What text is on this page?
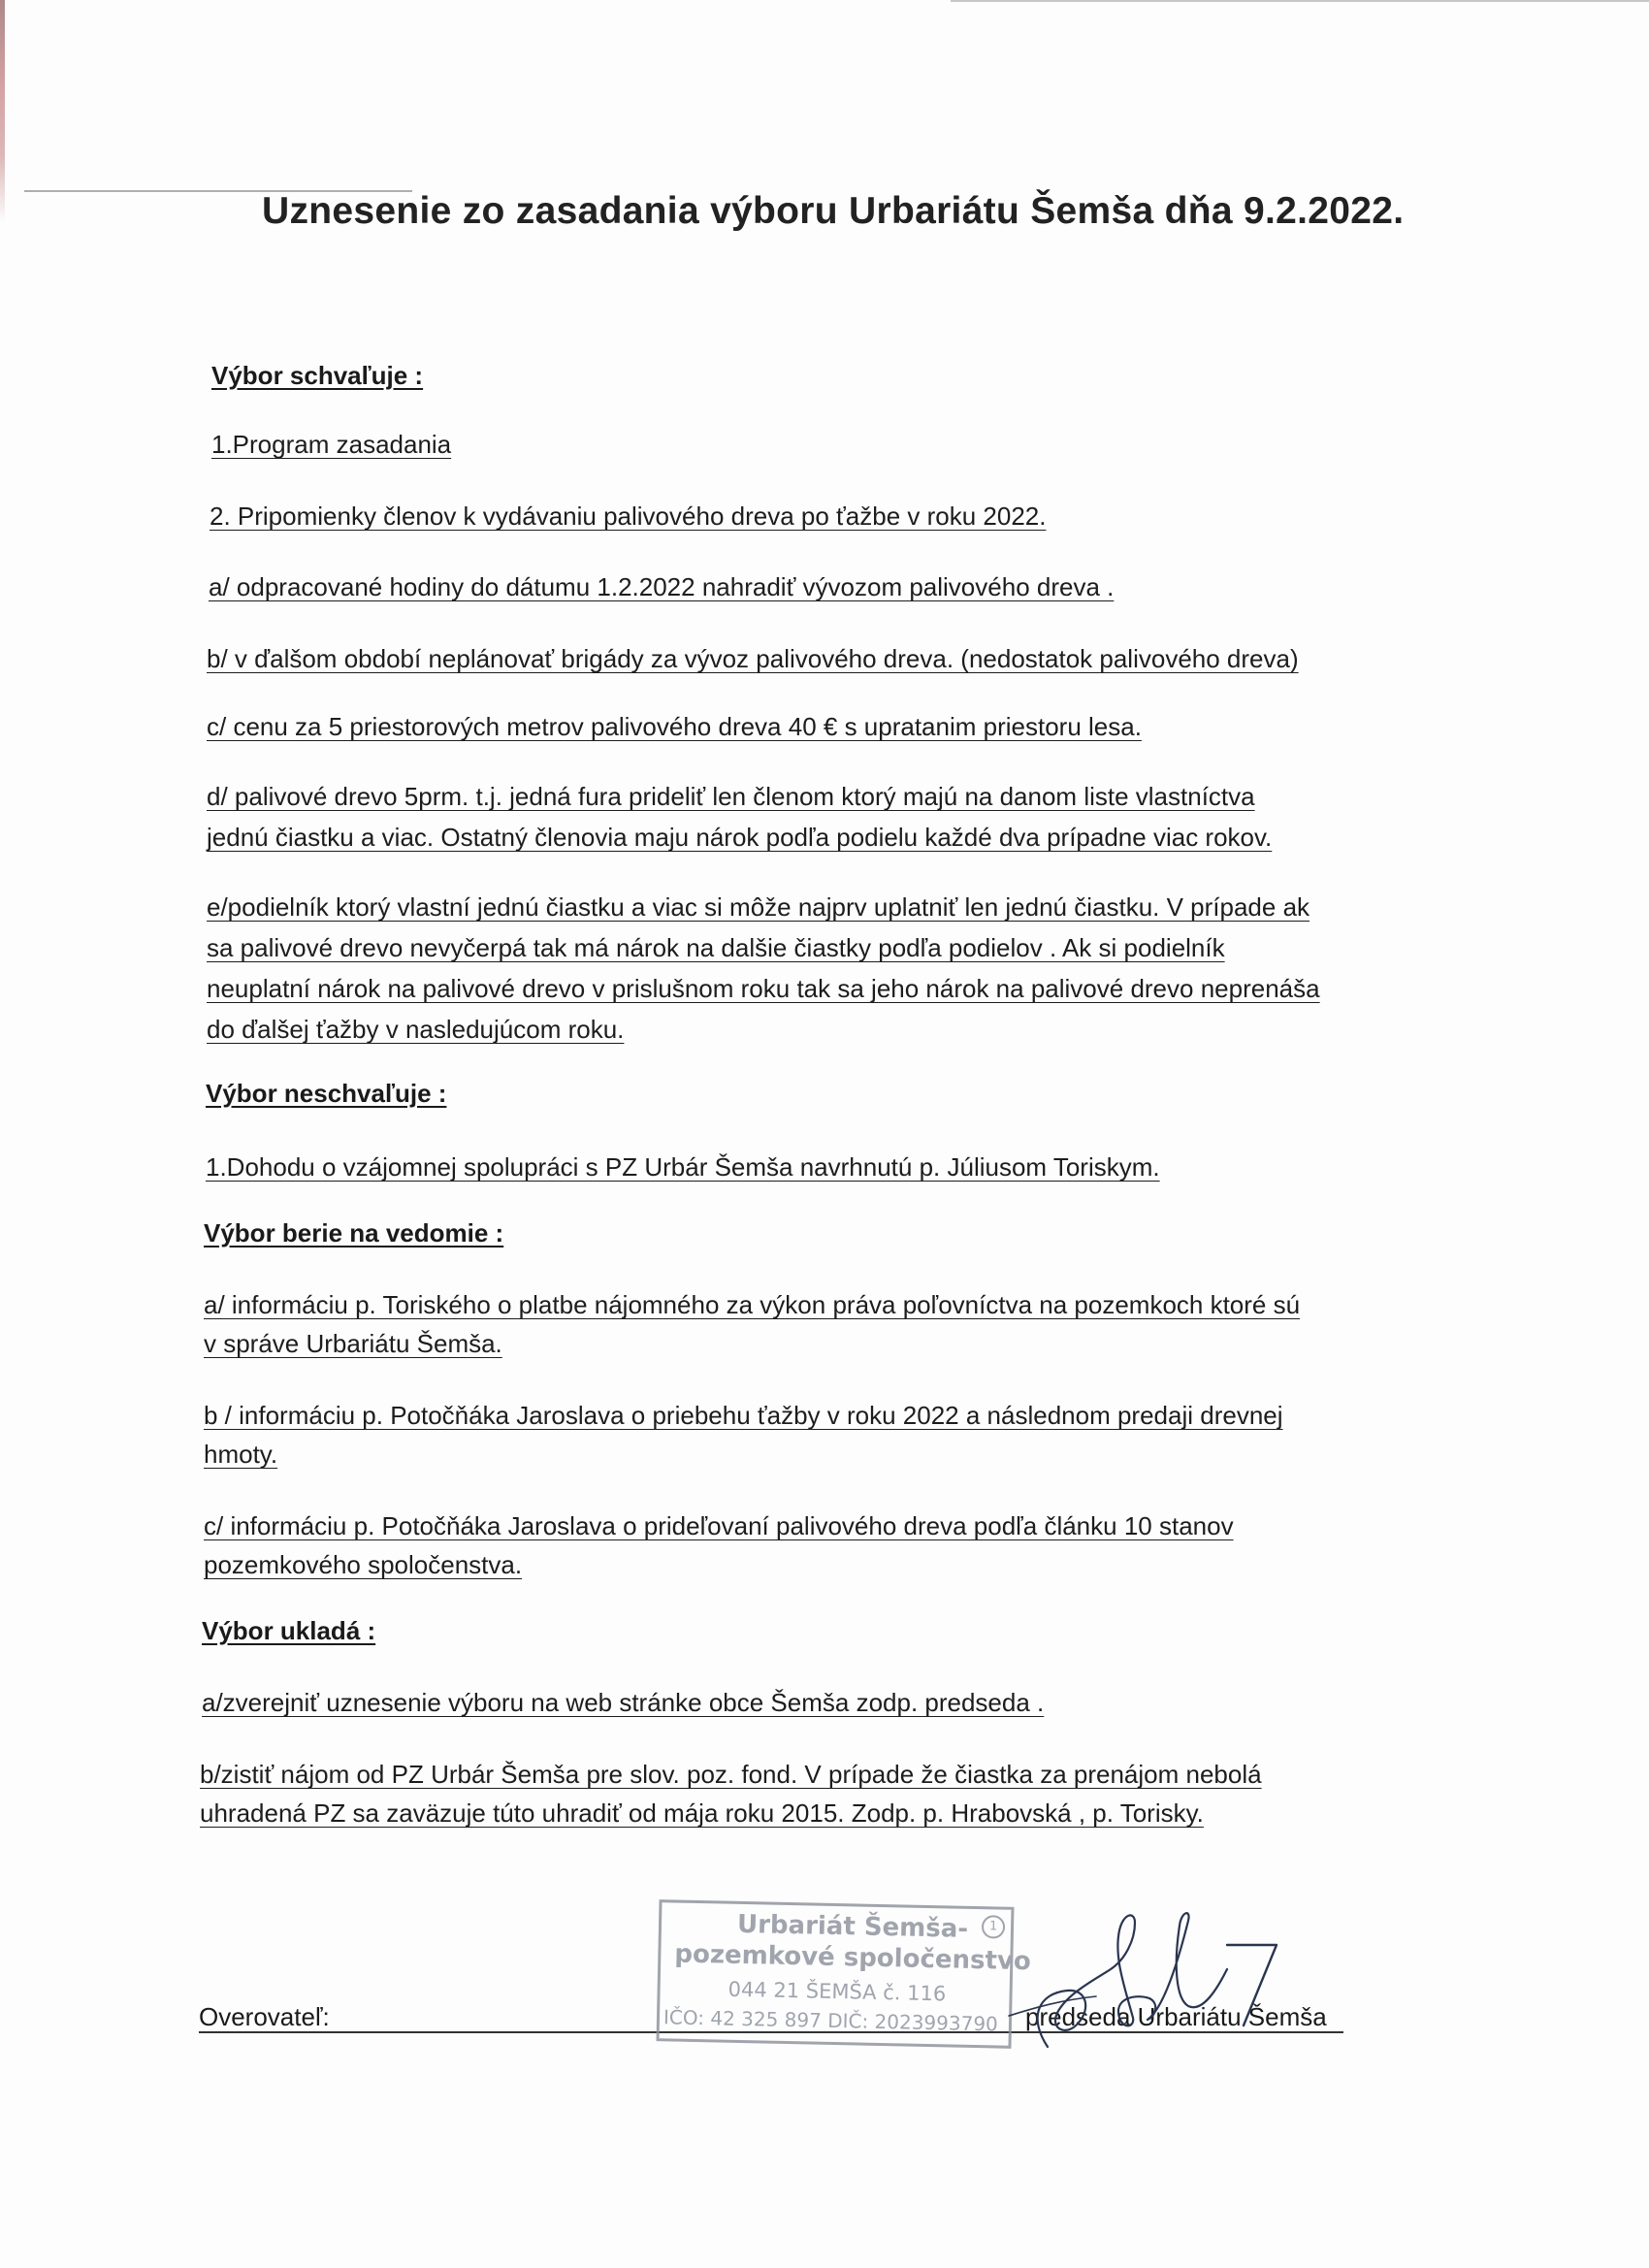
Uznesenie zo zasadania výboru Urbariátu Šemša dňa 9.2.2022.
Výbor schvaľuje :
1.Program zasadania
2. Pripomienky členov k vydávaniu palivového dreva po ťažbe v roku 2022.
a/ odpracované hodiny do dátumu 1.2.2022 nahradiť vývozom palivového dreva .
b/ v ďalšom období neplánovať brigády za vývoz palivového dreva. (nedostatok palivového dreva)
c/ cenu za 5 priestorových metrov palivového dreva 40 € s upratanim priestoru lesa.
d/ palivové drevo 5prm. t.j. jedná fura prideliť len členom ktorý majú na danom liste vlastníctva
jednú čiastku a viac. Ostatný členovia maju nárok podľa podielu každé dva prípadne viac rokov.
e/podielník ktorý vlastní jednú čiastku a viac si môže najprv uplatniť len jednú čiastku. V prípade ak
sa palivové drevo nevyčerpá tak má nárok na dalšie čiastky podľa podielov . Ak si podielník
neuplatní nárok na palivové drevo v prislušnom roku tak sa jeho nárok na palivové drevo neprenáša
do ďalšej ťažby v nasledujúcom roku.
Výbor neschvaľuje :
1.Dohodu o vzájomnej spolupráci s PZ Urbár Šemša navrhnutú p. Júliusom Toriskym.
Výbor berie na vedomie :
a/ informáciu p. Toriského o platbe nájomného za výkon práva poľovníctva na pozemkoch ktoré sú
v správe Urbariátu Šemša.
b / informáciu p. Potočňáka Jaroslava o priebehu ťažby v roku 2022 a následnom predaji drevnej
hmoty.
c/ informáciu p. Potočňáka Jaroslava o prideľovaní palivového dreva podľa článku 10 stanov
pozemkového spoločenstva.
Výbor ukladá :
a/zverejniť uznesenie výboru na web stránke obce Šemša zodp. predseda .
b/zistiť nájom od PZ Urbár Šemša pre slov. poz. fond. V prípade že čiastka za prenájom nebolá
uhradená PZ sa zaväzuje túto uhradiť od mája roku 2015. Zodp. p. Hrabovská , p. Torisky.
Overovateľ:	predseda Urbariátu Šemša
1
Urbariát Šemša-
pozemkové spoločenstvo
044 21 ŠEMŠA č. 116
IČO: 42 325 897 DIČ: 2023993790
